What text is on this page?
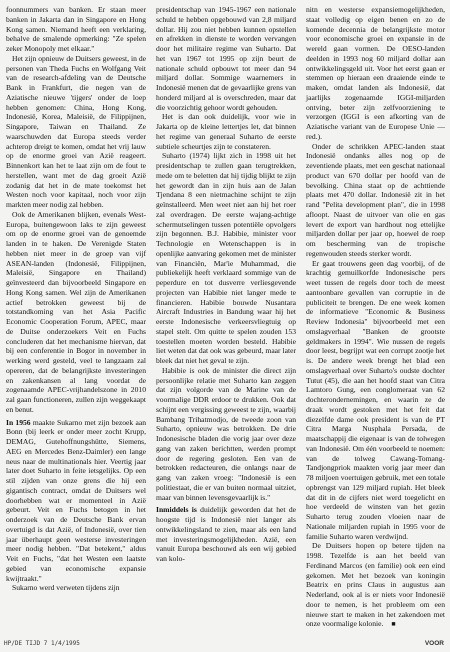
foonnummers van banken. Er staan meer banken in Jakarta dan in Singapore en Hong Kong samen. Niemand heeft een verklaring, behalve de smalende opmerking: "Ze spelen zeker Monopoly met elkaar."

Het zijn opnieuw de Duitsers geweest, in de personen van Theda Fuchs en Wolfgang Veit van de research-afdeling van de Deutsche Bank in Frankfurt, die negen van de Aziatische nieuwe 'tijgers' onder de loep hebben genomen: China, Hong Kong, Indonesië, Korea, Maleisië, de Filippijnen, Singapore, Taiwan en Thailand. Ze waarschuwden dat Europa steeds verder achterop dreigt te komen, omdat het vrij lauw op de enorme groei van Azië reageert. Binnenkort kan het te laat zijn om de fout te herstellen, want met de dag groeit Azië zodanig dat het in de mate toekomst het Westen noch voor kapitaal, noch voor zijn markten meer nodig zal hebben.

Ook de Amerikanen blijken, evenals West-Europa, buitengewoon laks te zijn geweest om op de enorme groei van de genoemde landen in te haken. De Verenigde Staten hebben niet meer in de groep van vijf ASEAN-landen (Indonesië, Filippijnen, Maleisië, Singapore en Thailand) geïnvesteerd dan bijvoorbeeld Singapore en Hong Kong samen. Wel zijn de Amerikanen actief betrokken geweest bij de totstandkoming van het Asia Pacific Economic Cooperation Forum, APEC, maar de Duitse onderzoekers Veit en Fuchs concluderen dat het mechanisme hiervan, dat bij een conferentie in Bogor in november in werking werd gesteld, veel te langzaam zal opereren, dat de belangrijkste investeringen en zakenkansen al lang voordat de zogenaamde APEC-vrijhandelszone in 2010 zal gaan functioneren, zullen zijn weggekaapt en benut.

In 1956 maakte Sukarno met zijn bezoek aan Bonn (bij leerk er onder meer zocht Krupp, DEMAG, Gutehoffnungshütte, Siemens, AEG en Mercedes Benz-Daimler) een lange neus naar de multinationals hier. Veertig jaar later doet Suharto in feite ietsgelijks. Op een stil zijden van onze grens die hij een gigantisch contract, omdat de Duitsers wel doorhebben wat er momenteel in Azië gebeurt. Veit en Fuchs betogen in het onderzoek van de Deutsche Bank ervan overtuigd is dat Azië, of Indonesië, over tien jaar überhaupt geen westerse investeringen meer nodig hebben. "Dat betekent," aldus Veit en Fuchs, "dat het Westen een laatste gebied van economische expansie kwijtraakt."

Sukarno werd verweten tijdens zijn

presidentschap van 1945-1967 een nationale schuld te hebben opgebouwd van 2,8 miljard dollar. Hij zou niet hebben kunnen opstellen en afrekken in dienste te worden vervangen door het militaire regime van Suharto. Dat het van 1967 tot 1995 op zijn beurt de nationale schuld opbouwt tot meer dan 94 miljard dollar. Sommige waarnemers in Indonesië menen dat de gevaarlijke grens van honderd miljard al is overschreden, maar dat die voorzichtig gehoor wordt gehouden.

Het is dan ook duidelijk, voor wie in Jakarta op de kleine lettertjes let, dat binnen het regime van generaal Suharto de eerste subtiele scheurtjes zijn te constateren.

Suharto (1974) lijkt zich in 1998 uit het presidentschap te zullen gaan terugtrekken, mede om te beletten dat hij tijdig blijkt te zijn het gewordt dan in zijn huis aan de Jalan Tjendana 8 een nietmachine schijnt te zijn geïnstalleerd. Men weet niet aan hij het roer zal overdragen. De eerste wajang-achtige schermutselingen tussen potentiële opvolgers zijn begonnen. B.J. Habibie, minister voor Technologie en Wetenschappen is in openlijke aanvaring gekomen met de minister van Financiën, Mar'ie Muhammad, die publiekelijk heeft verklaard sommige van de peperdure en tot dusverre verliesgevende projecten van Habibie niet langer mede te financieren. Habibie bouwde Nusantara Aircraft Industries in Bandung waar hij het eerste Indonesische verkeersvliegtuig op stapel stelt. Om quitte te spelen zouden 153 toestellen moeten worden besteld. Habibie liet weten dat dat ook was gebeurd, maar later bleek dat niet het geval te zijn.

Habibie is ook de minister die direct zijn persoonlijke relatie met Suharto kan zeggen dat zijn volgorde van de Marine van de voormalige DDR erdoor te drukken. Ook dat schijnt een vergissing geweest te zijn, waarbij Bambang Trihatmodjo, de tweede zoon van Suharto, opnieuw was betrokken. De drie Indonesische bladen die vorig jaar over deze gang van zaken berichtten, werden prompt door de regering gesloten. Een van de betrokken redacteuren, die onlangs naar de gang van zaken vroeg: "Indonesië is een politiestaat, die er van buiten normaal uitziet, maar van binnen levensgevaarlijk is."

Inmiddels is duidelijk geworden dat het de hoogste tijd is Indonesië niet langer als ontwikkelingsland te zien, maar als een land met investeringsmogelijkheden. Azië, een vanuit Europa beschouwd als een wij gebied van kolo-

nitn en westerse expansiemogelijkheden, staat volledig op eigen benen en zo de komende decennia de belangrijkste motor voor economische groei en expansie in de wereld gaan vormen. De OESO-landen deelden in 1993 nog 60 miljard dollar aan ontwikkelingsgeld uit. Voor het eerst gaan er stemmen op hieraan een draaiende einde te maken, omdat landen als Indonesië, dat jaarlijks zogenaamde IGGI-miljarden ontving, beter zijn zelfvoorziening te verzorgen (IGGI is een afkorting van de Aziatische variant van de Europese Unie — red.).

Onder de schrikken APEC-landen staat Indonesië ondanks alles nog op de zeventiende plaats, met een geschat nationaal product van 670 dollar per hoofd van de bevolking. China staat op de achttiende plaats met 470 dollar. Indonesië zit in het rand "Pelita development plan", die in 1998 afloopt. Naast de uitvoer van olie en gas levert de export van hardhout nog ettelijke miljarden dollar per jaar op, hoewel de roep om bescherming van de tropische regenwouden steeds sterker wordt.

Er gaat trouwens geen dag voorbij, of de krachtig gemuilkorfde Indonesische pers weet tussen de regels door toch de meest aantoonbare gevallen van corruptie in de publiciteit te brengen. De ene week komen de informatieve "Economic & Business Review Indonesia" bijvoorbeeld met een omslagverhaal "Banken de grootste geldmakers in 1994". Wie nussen de regels door leest, begrijpt wat een corrupt zootje het is. De andere week brengt het blad een omslagverhaal over Suharto's oudste dochter Tutut (45), die aan het hoofd staat van Citra Lamtoro Gung, een conglomeraat van 62 dochterondernemingen, en waarin ze de draak wordt gestoken met het feit dat diezelfde dame ook president is van de PT Citra Marga Nusphala Persada, de maatschappij die eigenaar is van de tolwegen van Indonesië. Om één voorbeeld te noemen: van de tolweg Cawang-Tomang-Tandjongpriok maakten vorig jaar meer dan 78 miljoen voertuigen gebruik, met een totale opbrengst van 129 miljard rupiah. Het bleek dat dit in de cijfers niet werd toegelicht en hoe verdeeld de winsten van het gezin Suharto terug zouden vloeien naar de Nationale miljarden rupiah in 1995 voor de familie Suharto waren verdwijnd.

De Duitsers hopen op betere tijden na 1998. Tezelfde is aan het beeld van Ferdinand Marcos (en familie) ook een eind gekomen. Met het bezoek van koningin Beatrix en prins Claus in augustus aan Nederland, ook al is er niets voor Indonesië door te nemen, is het probleem om een nieuwe start te maken in het zakendoen met onze voormalige kolonie. ■

HP/DE TIJD 7 1/4/1995	VOOR
